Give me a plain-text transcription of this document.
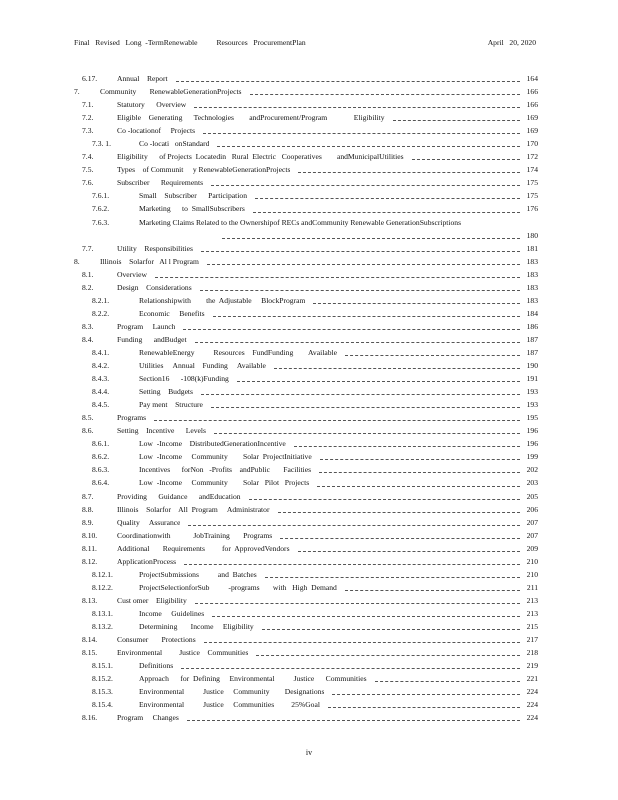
Final   Revised   Long  -TermRenewable          Resources   ProcurementPlan	April   20, 2020
6.17.	Annual    Report	164
7.	Community       RenewableGenerationProjects	166
7.1.	Statutory      Overview	166
7.2.	Eligible    Generating      Technologies        andProcurement/Program              Eligibility	169
7.3.	Co -locationof     Projects	169
7.3. 1.	Co -locati   onStandard	170
7.4.	Eligibility      of Projects  Locatedin   Rural  Electric   Cooperatives        andMunicipalUtilities	172
7.5.	Types    of Communit     y RenewableGenerationProjects	174
7.6.	Subscriber      Requirements	175
7.6.1.	Small    Subscriber      Participation	175
7.6.2.	Marketing      to  SmallSubscribers	176
7.6.3.	Marketing Claims Related to the Ownershipof RECs andCommunity Renewable GenerationSubscriptions
180
7.7.	Utility    Responsibilities	181
8.	Illinois    Solarfor   Al l Program	183
8.1.	Overview	183
8.2.	Design    Considerations	183
8.2.1.	Relationshipwith        the  Adjustable     BlockProgram	183
8.2.2.	Economic     Benefits	184
8.3.	Program     Launch	186
8.4.	Funding      andBudget	187
8.4.1.	RenewableEnergy          Resources    FundFunding        Available	187
8.4.2.	Utilities     Annual    Funding     Available	190
8.4.3.	Section16      -108(k)Funding	191
8.4.4.	Setting    Budgets	193
8.4.5.	Pay ment    Structure	193
8.5.	Programs	195
8.6.	Setting    Incentive      Levels	196
8.6.1.	Low  -Income    DistributedGenerationIncentive	196
8.6.2.	Low  -Income     Community        Solar  ProjectInitiative	199
8.6.3.	Incentives      forNon   -Profits    andPublic       Facilities	202
8.6.4.	Low  -Income     Community        Solar   Pilot   Projects	203
8.7.	Providing      Guidance      andEducation	205
8.8.	Illinois    Solarfor    All  Program     Administrator	206
8.9.	Quality     Assurance	207
8.10.	Coordinationwith            JobTraining       Programs	207
8.11.	Additional       Requirements         for  ApprovedVendors	209
8.12.	ApplicationProcess	210
8.12.1.	ProjectSubmissions          and  Batches	210
8.12.2.	ProjectSelectionforSub          -programs       with   High  Demand	211
8.13.	Cust omer    Eligibility	213
8.13.1.	Income     Guidelines	213
8.13.2.	Determining       Income     Eligibility	215
8.14.	Consumer       Protections	217
8.15.	Environmental         Justice    Communities	218
8.15.1.	Definitions	219
8.15.2.	Approach      for  Defining     Environmental          Justice      Communities	221
8.15.3.	Environmental          Justice     Community        Designations	224
8.15.4.	Environmental          Justice     Communities         25%Goal	224
8.16.	Program     Changes	224
iv
